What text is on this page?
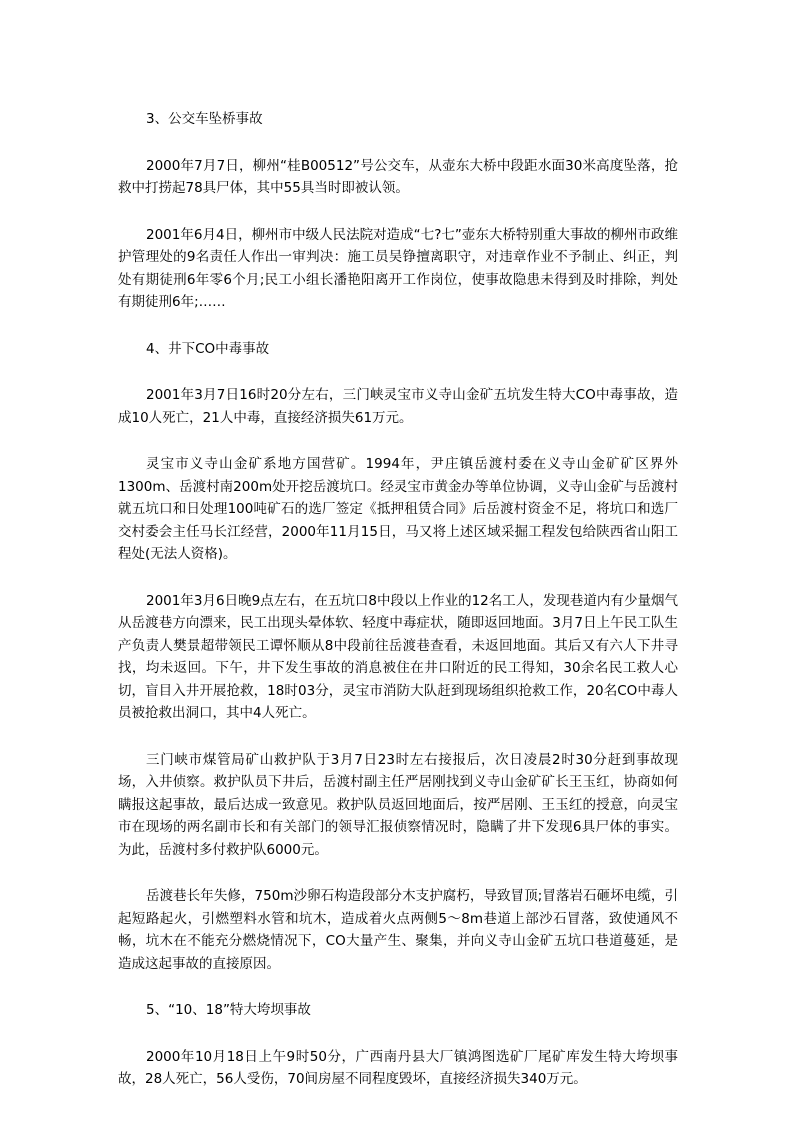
3、公交车坠桥事故

2000年7月7日，柳州“桂B00512”号公交车，从壶东大桥中段距水面30米高度坠落，抢救中打捞起78具尸体，其中55具当时即被认领。

2001年6月4日，柳州市中级人民法院对造成“七?七”壶东大桥特别重大事故的柳州市政维护管理处的9名责任人作出一审判决：施工员吴铮擅离职守，对违章作业不予制止、纠正，判处有期徒刑6年零6个月;民工小组长潘艳阳离开工作岗位，使事故隐患未得到及时排除，判处有期徒刑6年;……

4、井下CO中毒事故

2001年3月7日16时20分左右，三门峡灵宝市义寺山金矿五坑发生特大CO中毒事故，造成10人死亡，21人中毒，直接经济损失61万元。

灵宝市义寺山金矿系地方国营矿。1994年，尹庄镇岳渡村委在义寺山金矿矿区界外1300m、岳渡村南200m处开挖岳渡坑口。经灵宝市黄金办等单位协调，义寺山金矿与岳渡村就五坑口和日处理100吨矿石的选厂签定《抵押租赁合同》后岳渡村资金不足，将坑口和选厂交村委会主任马长江经营，2000年11月15日，马又将上述区域采掘工程发包给陕西省山阳工程处(无法人资格)。

2001年3月6日晚9点左右，在五坑口8中段以上作业的12名工人，发现巷道内有少量烟气从岳渡巷方向漂来，民工出现头晕体软、轻度中毒症状，随即返回地面。3月7日上午民工队生产负责人樊景超带领民工谭怀顺从8中段前往岳渡巷查看，未返回地面。其后又有六人下井寻找，均未返回。下午，井下发生事故的消息被住在井口附近的民工得知，30余名民工救人心切，盲目入井开展抢救，18时03分，灵宝市消防大队赶到现场组织抢救工作，20名CO中毒人员被抢救出洞口，其中4人死亡。

三门峡市煤管局矿山救护队于3月7日23时左右接报后，次日凌晨2时30分赶到事故现场，入井侦察。救护队员下井后，岳渡村副主任严居刚找到义寺山金矿矿长王玉红，协商如何瞒报这起事故，最后达成一致意见。救护队员返回地面后，按严居刚、王玉红的授意，向灵宝市在现场的两名副市长和有关部门的领导汇报侦察情况时，隐瞒了井下发现6具尸体的事实。为此，岳渡村多付救护队6000元。

岳渡巷长年失修，750m沙卵石构造段部分木支护腐朽，导致冒顶;冒落岩石砸坏电缆，引起短路起火，引燃塑料水管和坑木，造成着火点两侧5～8m巷道上部沙石冒落，致使通风不畅，坑木在不能充分燃烧情况下，CO大量产生、聚集，并向义寺山金矿五坑口巷道蔓延，是造成这起事故的直接原因。

5、“10、18”特大垮坝事故

2000年10月18日上午9时50分，广西南丹县大厂镇鸿图选矿厂尾矿库发生特大垮坝事故，28人死亡，56人受伤，70间房屋不同程度毁坏，直接经济损失340万元。
